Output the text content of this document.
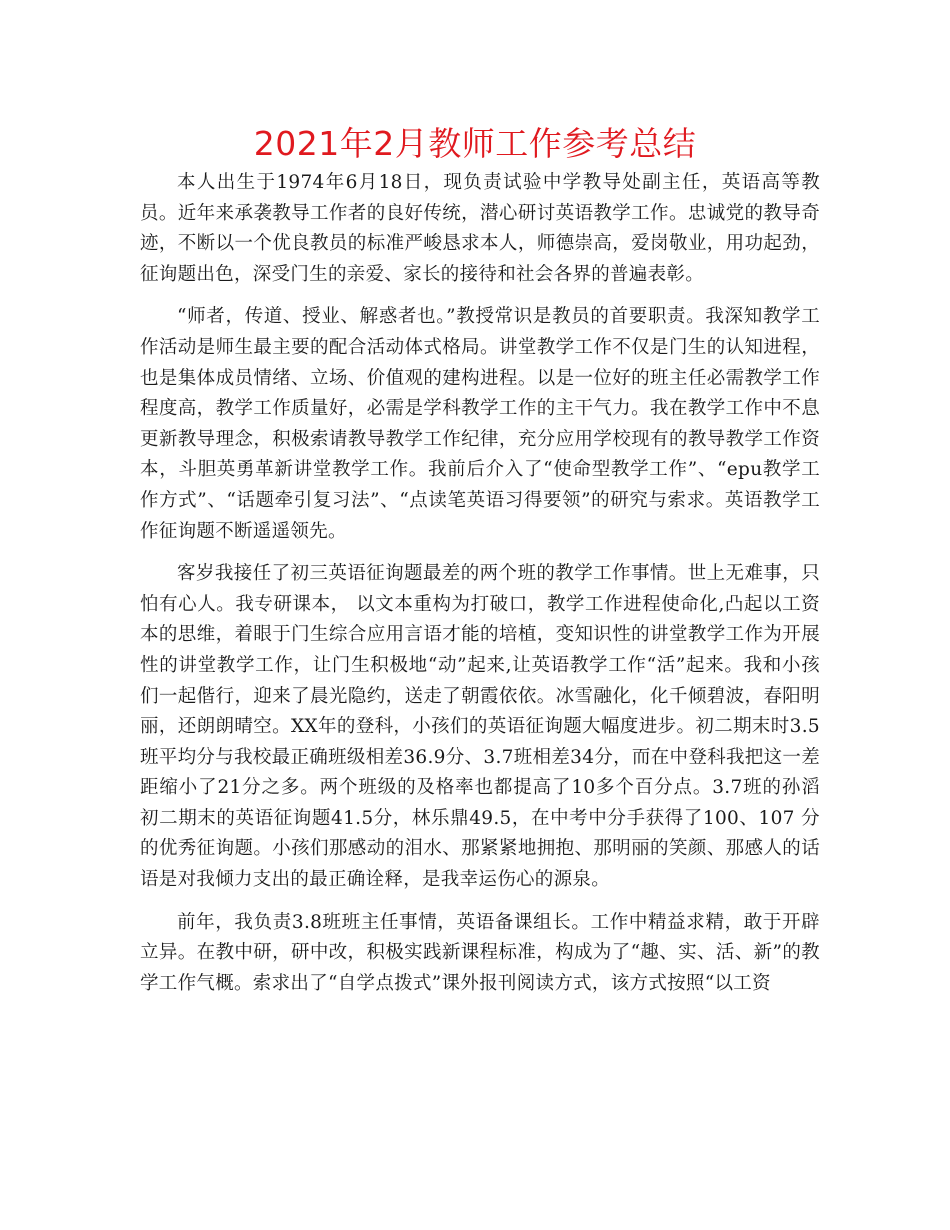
2021年2月教师工作参考总结

本人出生于1974年6月18日，现负责试验中学教导处副主任，英语高等教员。近年来承袭教导工作者的良好传统，潜心研讨英语教学工作。忠诚党的教导奇迹，不断以一个优良教员的标准严峻恳求本人，师德崇高，爱岗敬业，用功起劲，征询题出色，深受门生的亲爱、家长的接待和社会各界的普遍表彰。

“师者，传道、授业、解惑者也。”教授常识是教员的首要职责。我深知教学工作活动是师生最主要的配合活动体式格局。讲堂教学工作不仅是门生的认知进程，也是集体成员情绪、立场、价值观的建构进程。以是一位好的班主任必需教学工作程度高，教学工作质量好，必需是学科教学工作的主干气力。我在教学工作中不息更新教导理念，积极索请教导教学工作纪律，充分应用学校现有的教导教学工作资本，斗胆英勇革新讲堂教学工作。我前后介入了“使命型教学工作”、“epu教学工作方式”、“话题牵引复习法”、“点读笔英语习得要领”的研究与索求。英语教学工作征询题不断遥遥领先。

客岁我接任了初三英语征询题最差的两个班的教学工作事情。世上无难事，只怕有心人。我专研课本， 以文本重构为打破口，教学工作进程使命化,凸起以工资本的思维，着眼于门生综合应用言语才能的培植，变知识性的讲堂教学工作为开展性的讲堂教学工作，让门生积极地“动”起来,让英语教学工作“活”起来。我和小孩们一起偕行，迎来了晨光隐约，送走了朝霞依依。冰雪融化，化千倾碧波，春阳明丽，还朗朗晴空。XX年的登科，小孩们的英语征询题大幅度进步。初二期末时3.5班平均分与我校最正确班级相差36.9分、3.7班相差34分，而在中登科我把这一差距缩小了21分之多。两个班级的及格率也都提高了10多个百分点。3.7班的孙滔初二期末的英语征询题41.5分，林乐鼎49.5，在中考中分手获得了100、107 分的优秀征询题。小孩们那感动的泪水、那紧紧地拥抱、那明丽的笑颜、那感人的话语是对我倾力支出的最正确诠释，是我幸运伤心的源泉。

前年，我负责3.8班班主任事情，英语备课组长。工作中精益求精，敢于开辟立异。在教中研，研中改，积极实践新课程标准，构成为了“趣、实、活、新”的教学工作气概。索求出了“自学点拨式”课外报刊阅读方式，该方式按照“以工资
